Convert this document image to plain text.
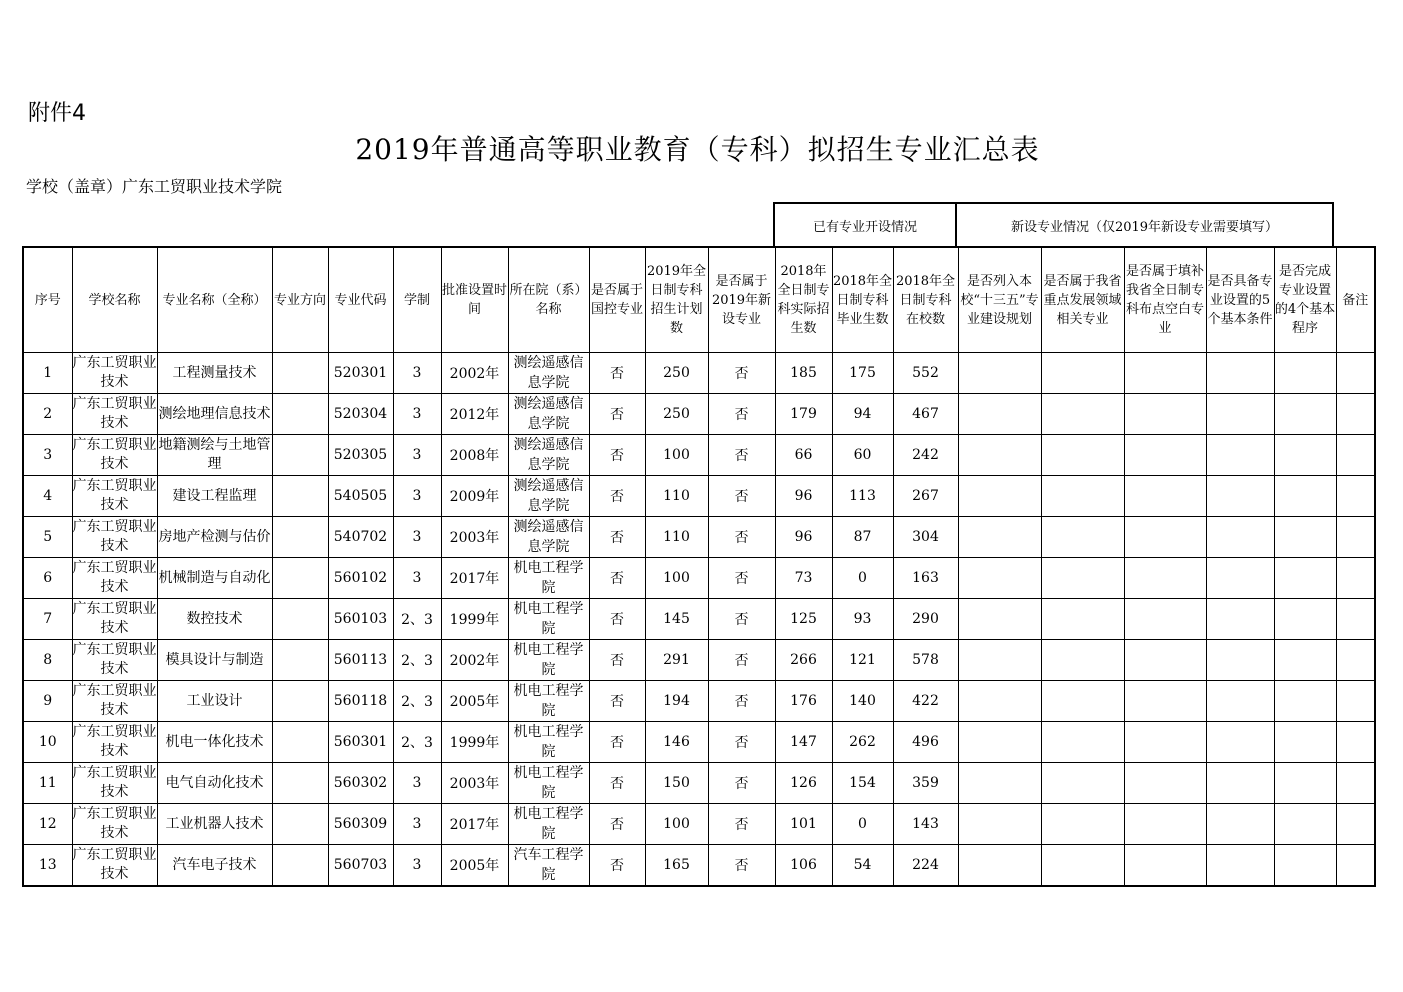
附件4
2019年普通高等职业教育（专科）拟招生专业汇总表
学校（盖章）广东工贸职业技术学院
已有专业开设情况	新设专业情况（仅2019年新设专业需要填写）
序号	学校名称	专业名称（全称）	专业方向	专业代码	学制	批准设置时间	所在院（系）名称	是否属于国控专业	2019年全日制专科招生计划数	是否属于2019年新设专业	2018年全日制专科实际招生数	2018年全日制专科毕业生数	2018年全日制专科在校数	是否列入本校“十三五”专业建设规划	是否属于我省重点发展领域相关专业	是否属于填补我省全日制专科布点空白专业	是否具备专业设置的5个基本条件	是否完成专业设置的4个基本程序	备注
1	广东工贸职业技术	工程测量技术		520301	3	2002年	测绘遥感信息学院	否	250	否	185	175	552						
2	广东工贸职业技术	测绘地理信息技术		520304	3	2012年	测绘遥感信息学院	否	250	否	179	94	467						
3	广东工贸职业技术	地籍测绘与土地管理		520305	3	2008年	测绘遥感信息学院	否	100	否	66	60	242						
4	广东工贸职业技术	建设工程监理		540505	3	2009年	测绘遥感信息学院	否	110	否	96	113	267						
5	广东工贸职业技术	房地产检测与估价		540702	3	2003年	测绘遥感信息学院	否	110	否	96	87	304						
6	广东工贸职业技术	机械制造与自动化		560102	3	2017年	机电工程学院	否	100	否	73	0	163						
7	广东工贸职业技术	数控技术		560103	2、3	1999年	机电工程学院	否	145	否	125	93	290						
8	广东工贸职业技术	模具设计与制造		560113	2、3	2002年	机电工程学院	否	291	否	266	121	578						
9	广东工贸职业技术	工业设计		560118	2、3	2005年	机电工程学院	否	194	否	176	140	422						
10	广东工贸职业技术	机电一体化技术		560301	2、3	1999年	机电工程学院	否	146	否	147	262	496						
11	广东工贸职业技术	电气自动化技术		560302	3	2003年	机电工程学院	否	150	否	126	154	359						
12	广东工贸职业技术	工业机器人技术		560309	3	2017年	机电工程学院	否	100	否	101	0	143						
13	广东工贸职业技术	汽车电子技术		560703	3	2005年	汽车工程学院	否	165	否	106	54	224						
